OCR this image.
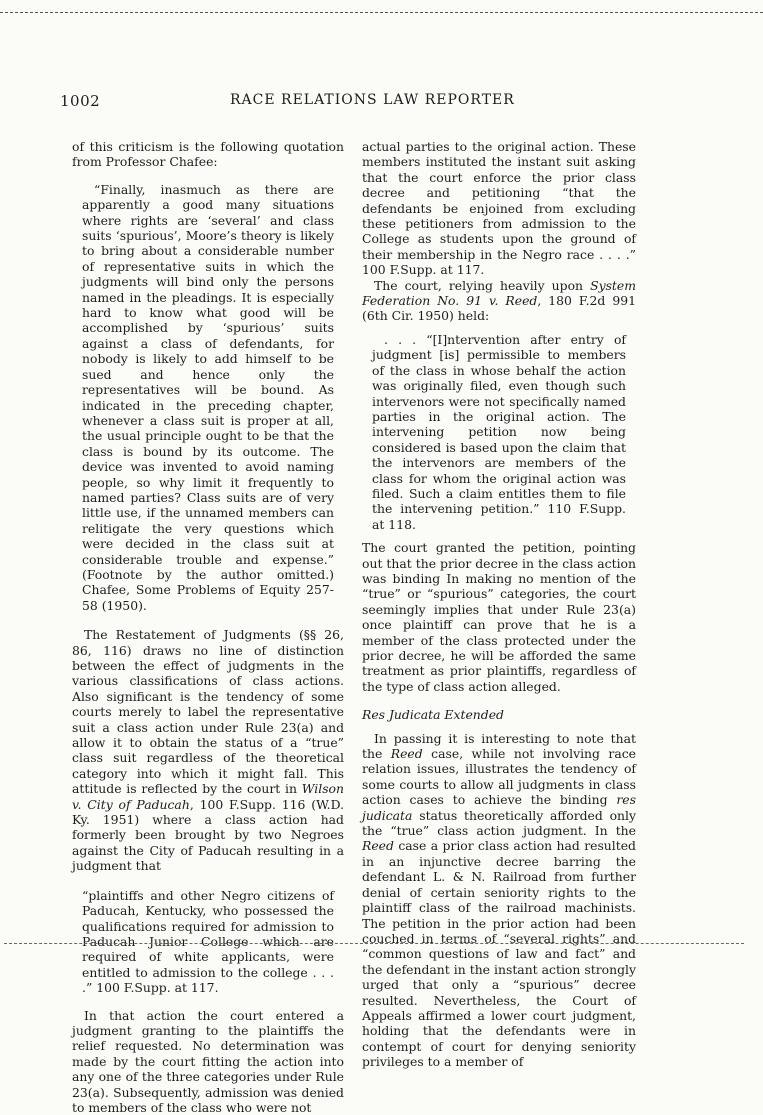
1002	RACE RELATIONS LAW REPORTER

of this criticism is the following quotation from Professor Chafee:

“Finally, inasmuch as there are apparently a good many situations where rights are ‘several’ and class suits ‘spurious’, Moore’s theory is likely to bring about a considerable number of representative suits in which the judgments will bind only the persons named in the pleadings. It is especially hard to know what good will be accomplished by ‘spurious’ suits against a class of defendants, for nobody is likely to add himself to be sued and hence only the representatives will be bound. As indicated in the preceding chapter, whenever a class suit is proper at all, the usual principle ought to be that the class is bound by its outcome. The device was invented to avoid naming people, so why limit it frequently to named parties? Class suits are of very little use, if the unnamed members can relitigate the very questions which were decided in the class suit at considerable trouble and expense.” (Footnote by the author omitted.) Chafee, Some Problems of Equity 257-58 (1950).

The Restatement of Judgments (§§ 26, 86, 116) draws no line of distinction between the effect of judgments in the various classifications of class actions. Also significant is the tendency of some courts merely to label the representative suit a class action under Rule 23(a) and allow it to obtain the status of a “true” class suit regardless of the theoretical category into which it might fall. This attitude is reflected by the court in Wilson v. City of Paducah, 100 F.Supp. 116 (W.D. Ky. 1951) where a class action had formerly been brought by two Negroes against the City of Paducah resulting in a judgment that

“plaintiffs and other Negro citizens of Paducah, Kentucky, who possessed the qualifications required for admission to Paducah Junior College which are required of white applicants, were entitled to admission to the college . . . .” 100 F.Supp. at 117.

In that action the court entered a judgment granting to the plaintiffs the relief requested. No determination was made by the court fitting the action into any one of the three categories under Rule 23(a). Subsequently, admission was denied to members of the class who were not

actual parties to the original action. These members instituted the instant suit asking that the court enforce the prior class decree and petitioning “that the defendants be enjoined from excluding these petitioners from admission to the College as students upon the ground of their membership in the Negro race . . . .” 100 F.Supp. at 117.

The court, relying heavily upon System Federation No. 91 v. Reed, 180 F.2d 991 (6th Cir. 1950) held:

. . . “[I]ntervention after entry of judgment [is] permissible to members of the class in whose behalf the action was originally filed, even though such intervenors were not specifically named parties in the original action. The intervening petition now being considered is based upon the claim that the intervenors are members of the class for whom the original action was filed. Such a claim entitles them to file the intervening petition.” 110 F.Supp. at 118.

The court granted the petition, pointing out that the prior decree in the class action was binding In making no mention of the “true” or “spurious” categories, the court seemingly implies that under Rule 23(a) once plaintiff can prove that he is a member of the class protected under the prior decree, he will be afforded the same treatment as prior plaintiffs, regardless of the type of class action alleged.

Res Judicata Extended

In passing it is interesting to note that the Reed case, while not involving race relation issues, illustrates the tendency of some courts to allow all judgments in class action cases to achieve the binding res judicata status theoretically afforded only the “true” class action judgment. In the Reed case a prior class action had resulted in an injunctive decree barring the defendant L. & N. Railroad from further denial of certain seniority rights to the plaintiff class of the railroad machinists. The petition in the prior action had been couched in terms of “several rights” and “common questions of law and fact” and the defendant in the instant action strongly urged that only a “spurious” decree resulted. Nevertheless, the Court of Appeals affirmed a lower court judgment, holding that the defendants were in contempt of court for denying seniority privileges to a member of
